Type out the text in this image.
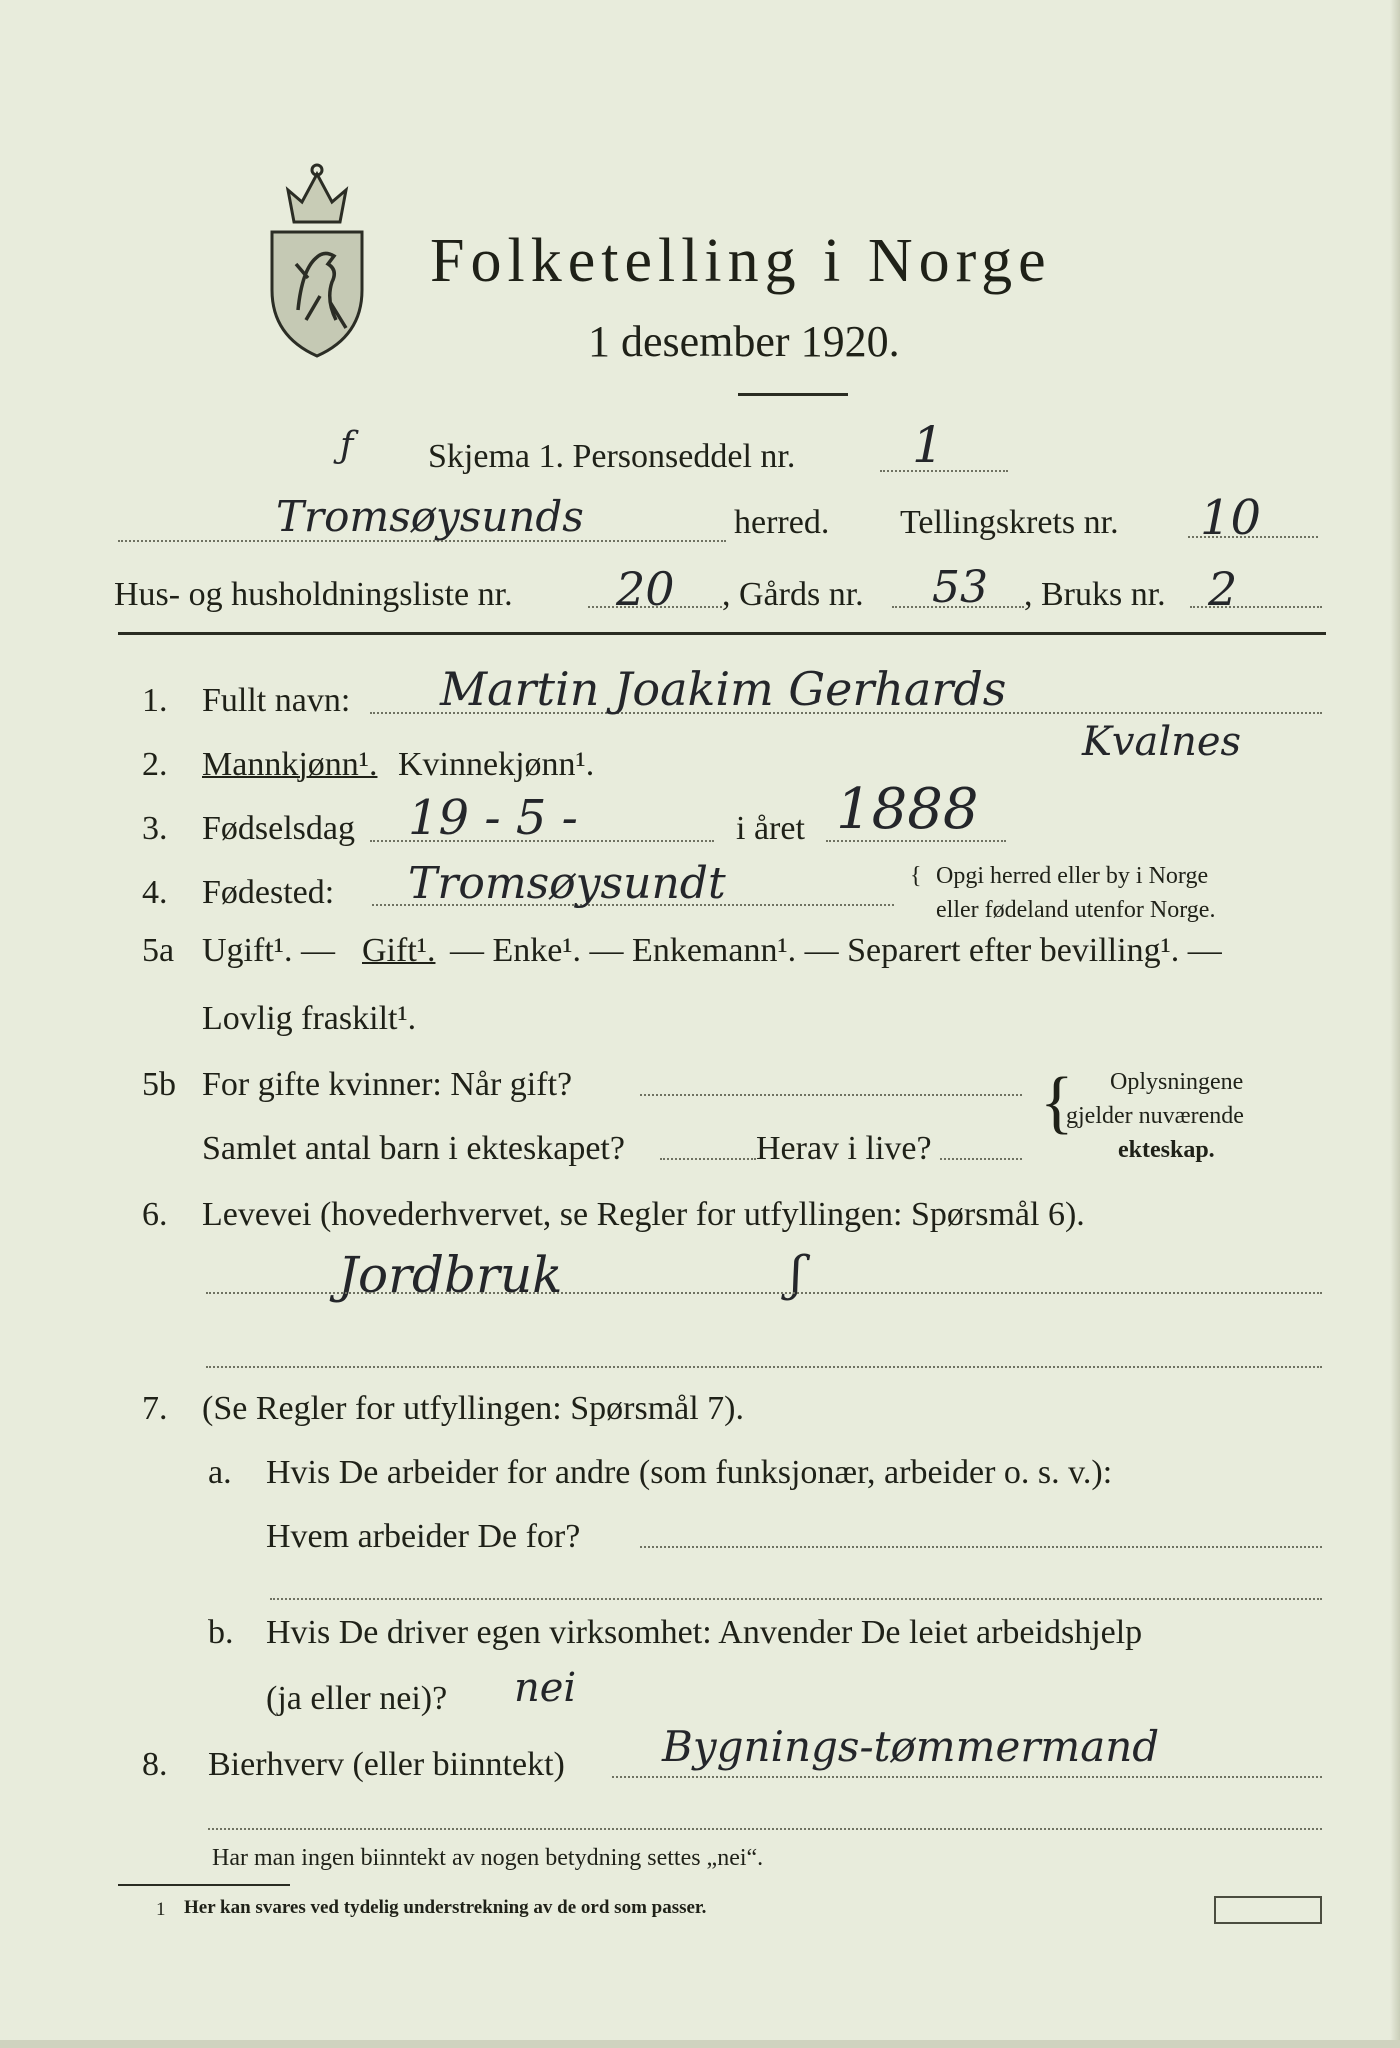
Folketelling i Norge
1 desember 1920.
ƒ Skjema 1. Personseddel nr. 1
Tromsøysunds	herred. Tellingskrets nr. 10
Hus- og husholdningsliste nr. 20 , Gårds nr. 53 , Bruks nr. 2
1. Fullt navn: Martin Joakim Gerhards
Kvalnes
2. Mannkjønn¹. Kvinnekjønn¹.
3. Fødselsdag 19 - 5 -	i året 1888
4. Fødested: Tromsøysundt	{ Opgi herred eller by i Norge
eller fødeland utenfor Norge.
5a Ugift¹. — Gift¹. — Enke¹. — Enkemann¹. — Separert efter bevilling¹. —
Lovlig fraskilt¹.
5b For gifte kvinner: Når gift?
Samlet antal barn i ekteskapet?	Herav i live?
{ Oplysningene
gjelder nuværende
ekteskap.
6. Levevei (hovederhvervet, se Regler for utfyllingen: Spørsmål 6).
Jordbruk	ʃ
7. (Se Regler for utfyllingen: Spørsmål 7).
a. Hvis De arbeider for andre (som funksjonær, arbeider o. s. v.):
Hvem arbeider De for?
b. Hvis De driver egen virksomhet: Anvender De leiet arbeidshjelp
(ja eller nei)? nei
8. Bierhverv (eller biinntekt) Bygnings-tømmermand
Har man ingen biinntekt av nogen betydning settes „nei“.
1 Her kan svares ved tydelig understrekning av de ord som passer.
